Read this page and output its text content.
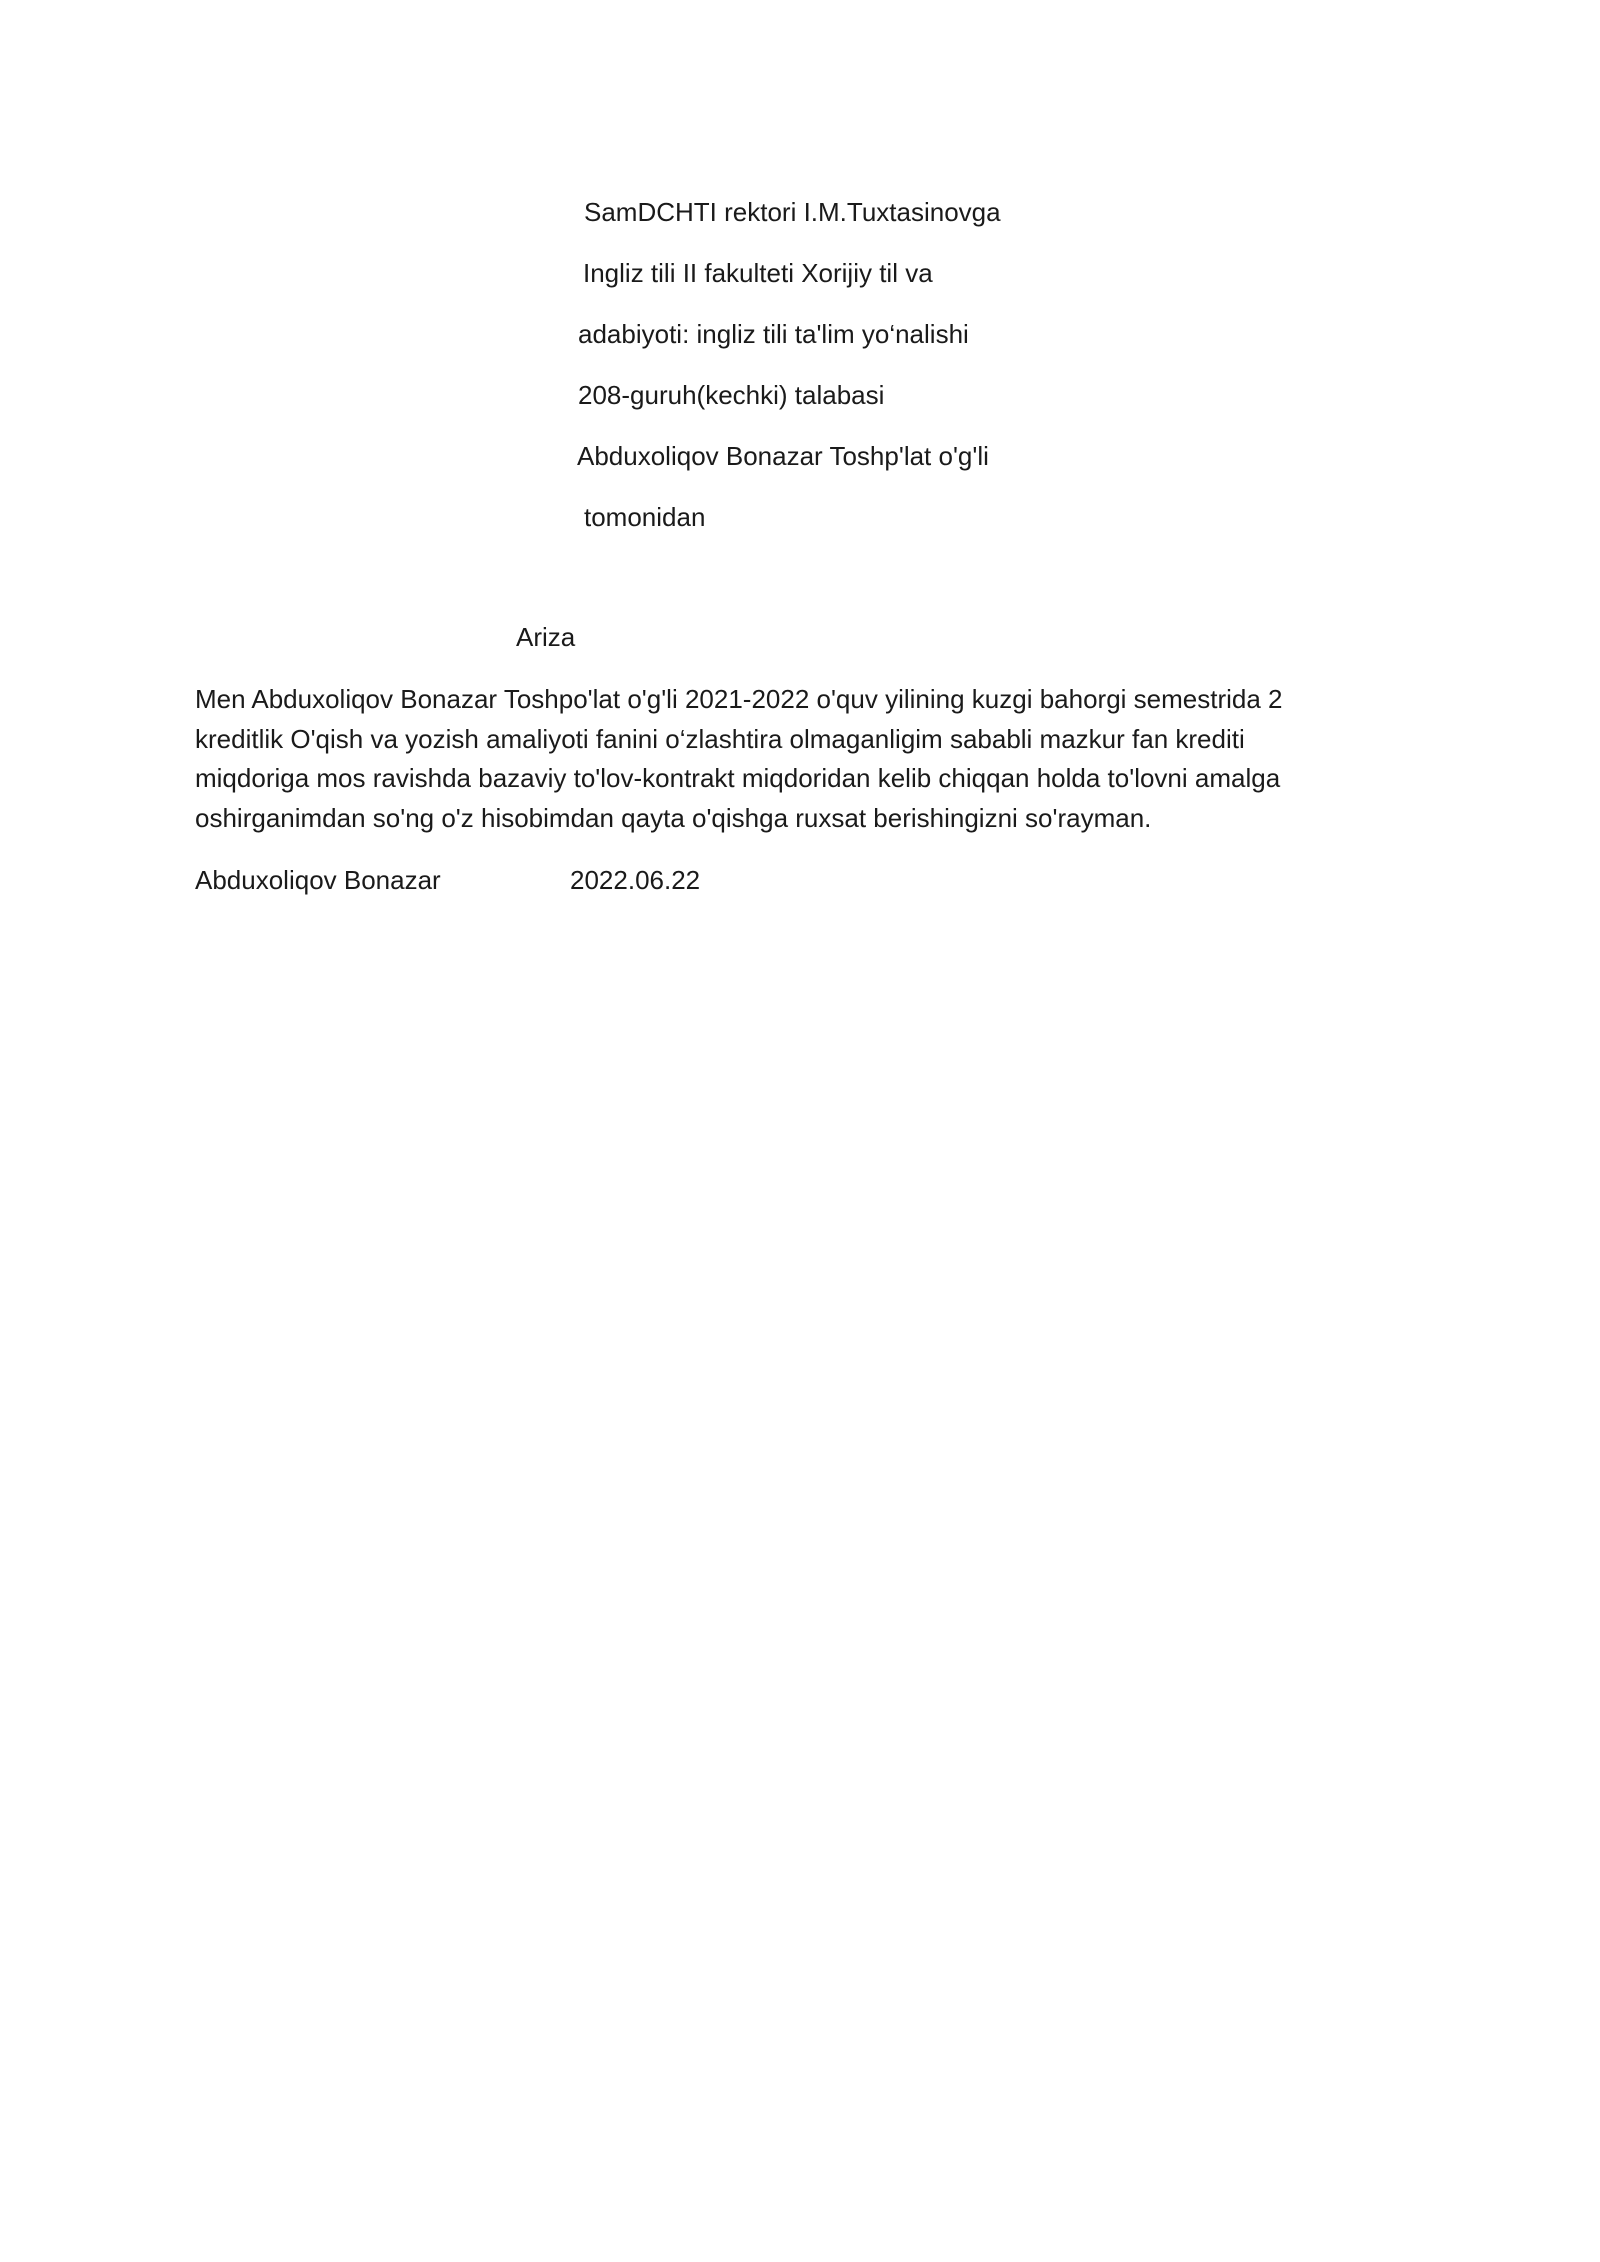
SamDCHTI rektori I.M.Tuxtasinovga
Ingliz tili II fakulteti Xorijiy til va
adabiyoti: ingliz tili ta'lim yo‘nalishi
208-guruh(kechki) talabasi
Abduxoliqov Bonazar Toshp'lat o'g'li
tomonidan
Ariza

Men Abduxoliqov Bonazar Toshpo'lat o'g'li 2021-2022 o'quv yilining kuzgi bahorgi semestrida 2
kreditlik O'qish va yozish amaliyoti fanini o‘zlashtira olmaganligim sababli mazkur fan krediti
miqdoriga mos ravishda bazaviy to'lov-kontrakt miqdoridan kelib chiqqan holda to'lovni amalga
oshirganimdan so'ng o'z hisobimdan qayta o'qishga ruxsat berishingizni so'rayman.

Abduxoliqov Bonazar	2022.06.22
